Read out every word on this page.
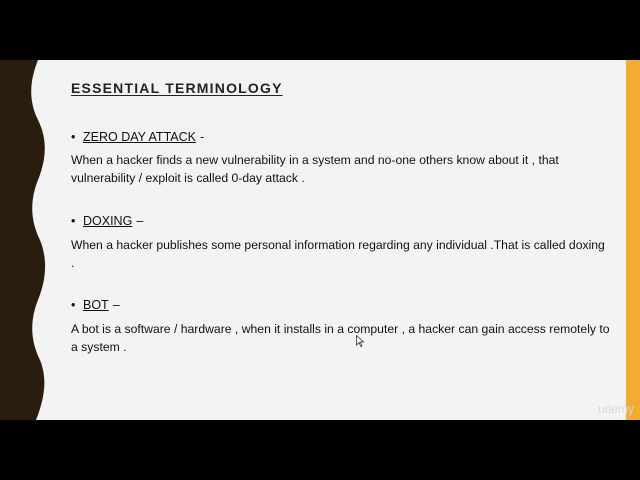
ESSENTIAL TERMINOLOGY
• ZERO DAY ATTACK -
When a hacker finds a new vulnerability in a system and no-one others know about it , that vulnerability / exploit is called 0-day attack .
• DOXING –
When a hacker publishes some personal information regarding any individual .That is called doxing .
• BOT –
A bot is a software / hardware , when it installs in a computer , a hacker can gain access remotely to a system .
udemy
